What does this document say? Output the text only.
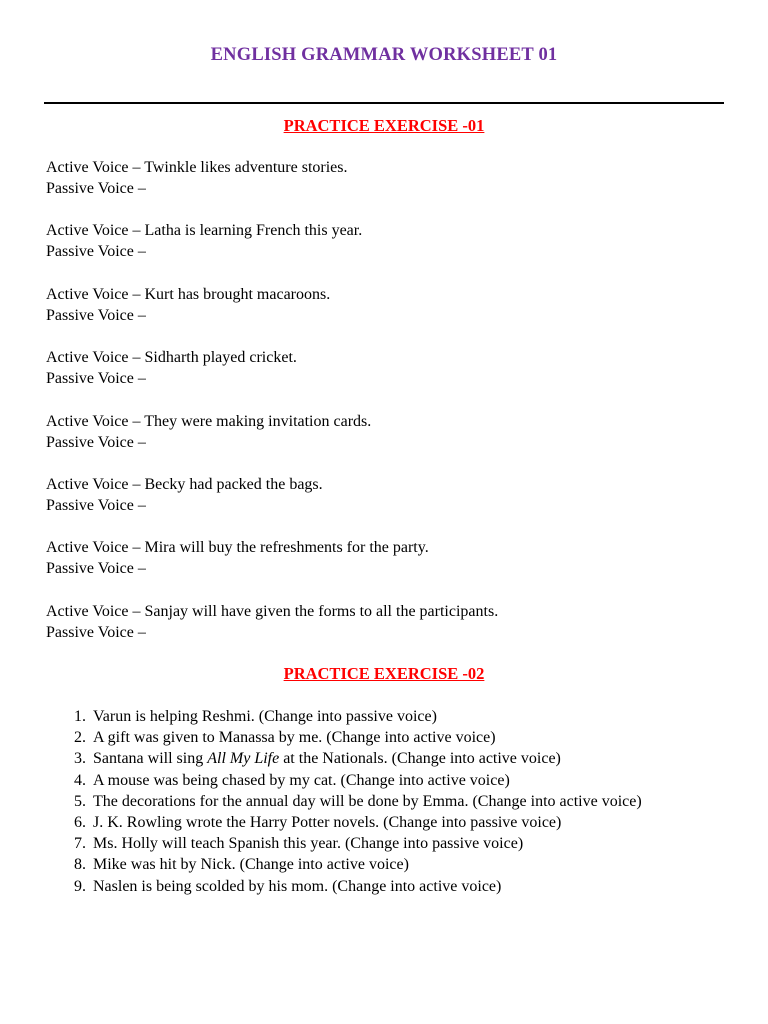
ENGLISH GRAMMAR WORKSHEET 01
PRACTICE EXERCISE -01
Active Voice – Twinkle likes adventure stories.
Passive Voice –
Active Voice – Latha is learning French this year.
Passive Voice –
Active Voice – Kurt has brought macaroons.
Passive Voice –
Active Voice – Sidharth played cricket.
Passive Voice –
Active Voice – They were making invitation cards.
Passive Voice –
Active Voice – Becky had packed the bags.
Passive Voice –
Active Voice – Mira will buy the refreshments for the party.
Passive Voice –
Active Voice – Sanjay will have given the forms to all the participants.
Passive Voice –
PRACTICE EXERCISE -02
1. Varun is helping Reshmi. (Change into passive voice)
2. A gift was given to Manassa by me. (Change into active voice)
3. Santana will sing All My Life at the Nationals. (Change into active voice)
4. A mouse was being chased by my cat. (Change into active voice)
5. The decorations for the annual day will be done by Emma. (Change into active voice)
6. J. K. Rowling wrote the Harry Potter novels. (Change into passive voice)
7. Ms. Holly will teach Spanish this year. (Change into passive voice)
8. Mike was hit by Nick. (Change into active voice)
9. Naslen is being scolded by his mom. (Change into active voice)
